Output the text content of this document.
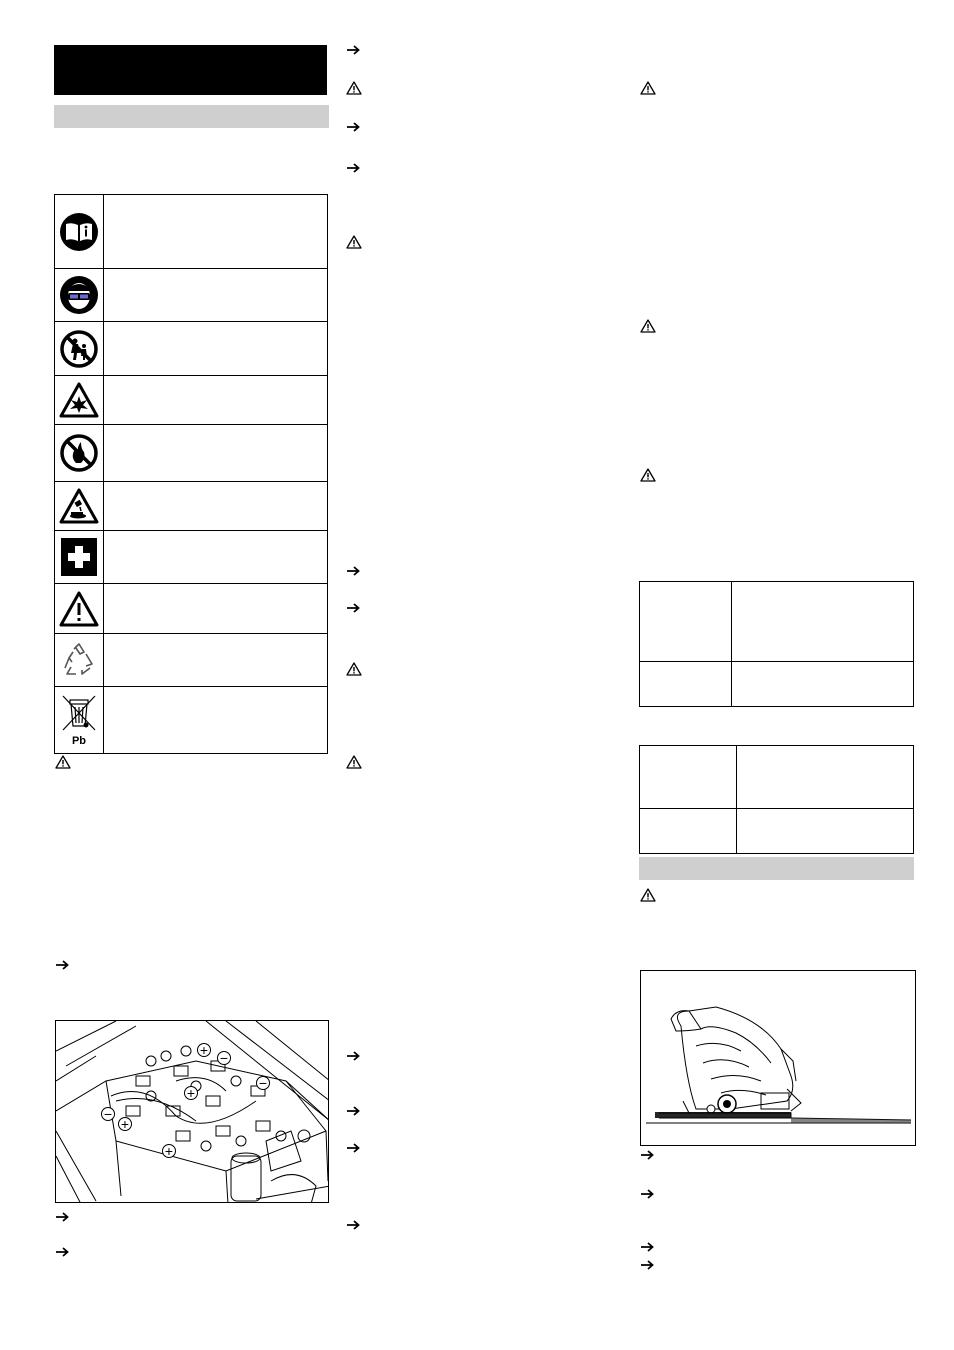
Pb
+ −
−
−
+
+
+
